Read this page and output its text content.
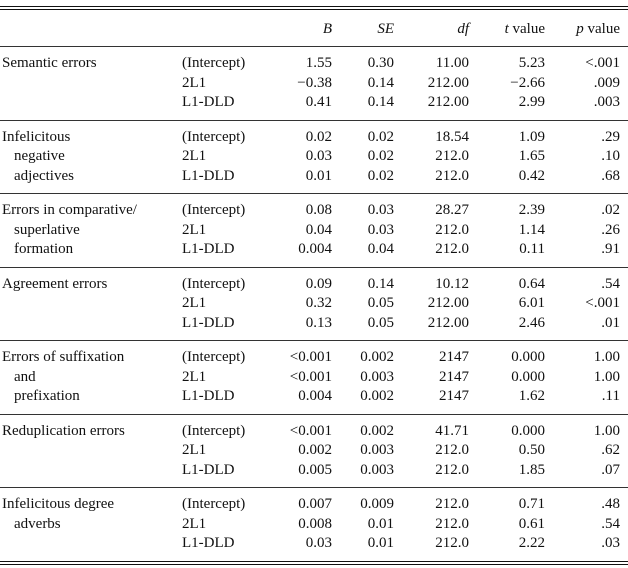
		B	SE	df	t value	p value
Semantic errors	(Intercept)	1.55	0.30	11.00	5.23	<.001
	2L1	−0.38	0.14	212.00	−2.66	.009
	L1-DLD	0.41	0.14	212.00	2.99	.003
Infelicitous	(Intercept)	0.02	0.02	18.54	1.09	.29

negative	2L1	0.03	0.02	212.0	1.65	.10

adjectives	L1-DLD	0.01	0.02	212.0	0.42	.68
Errors in comparative/	(Intercept)	0.08	0.03	28.27	2.39	.02

superlative	2L1	0.04	0.03	212.0	1.14	.26

formation	L1-DLD	0.004	0.04	212.0	0.11	.91
Agreement errors	(Intercept)	0.09	0.14	10.12	0.64	.54
	2L1	0.32	0.05	212.00	6.01	<.001
	L1-DLD	0.13	0.05	212.00	2.46	.01
Errors of suffixation	(Intercept)	<0.001	0.002	2147	0.000	1.00

and	2L1	<0.001	0.003	2147	0.000	1.00

prefixation	L1-DLD	0.004	0.002	2147	1.62	.11
Reduplication errors	(Intercept)	<0.001	0.002	41.71	0.000	1.00
	2L1	0.002	0.003	212.0	0.50	.62
	L1-DLD	0.005	0.003	212.0	1.85	.07
Infelicitous degree	(Intercept)	0.007	0.009	212.0	0.71	.48

adverbs	2L1	0.008	0.01	212.0	0.61	.54
	L1-DLD	0.03	0.01	212.0	2.22	.03
